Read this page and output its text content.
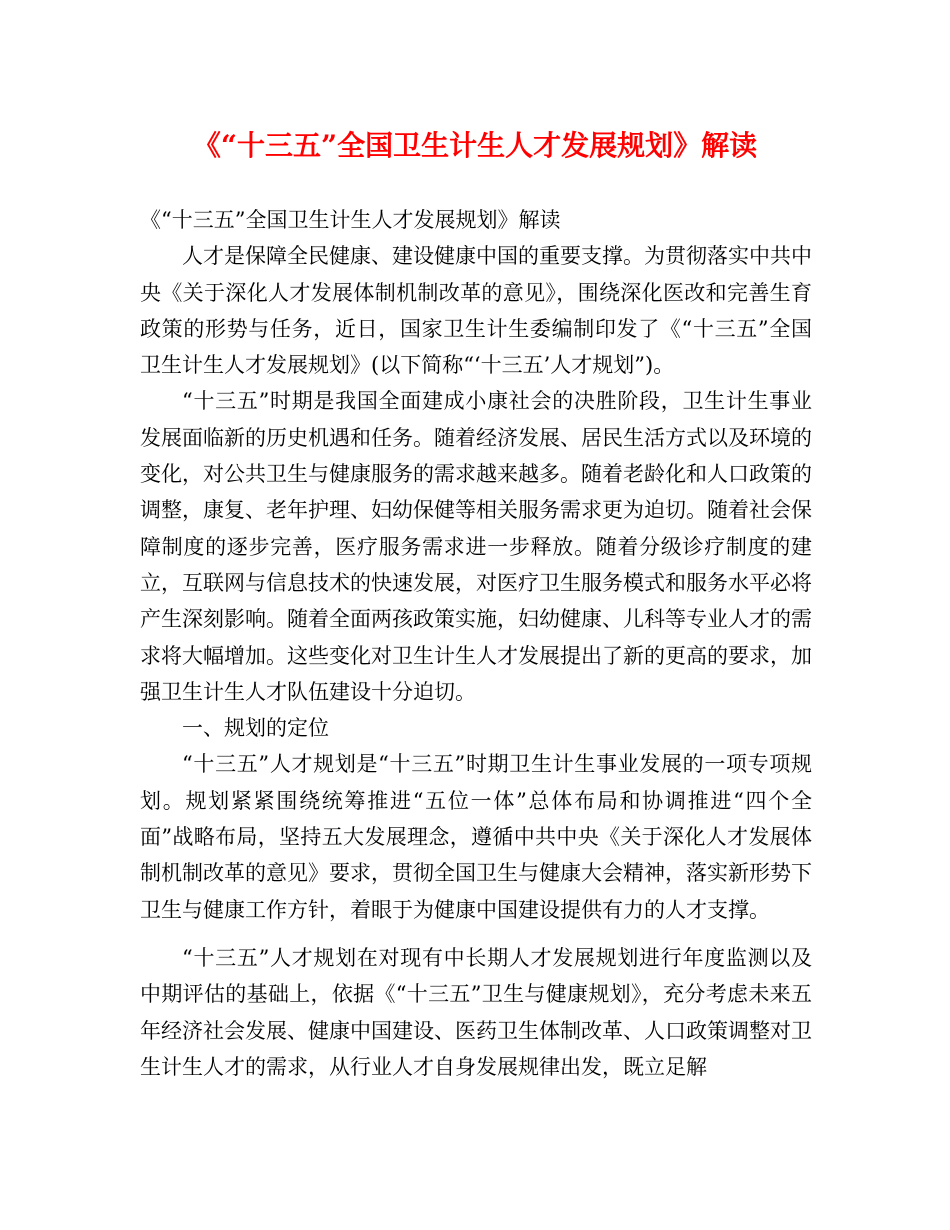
《“十三五”全国卫生计生人才发展规划》解读

《“十三五”全国卫生计生人才发展规划》解读

人才是保障全民健康、建设健康中国的重要支撑。为贯彻落实中共中央《关于深化人才发展体制机制改革的意见》，围绕深化医改和完善生育政策的形势与任务，近日，国家卫生计生委编制印发了《“十三五”全国卫生计生人才发展规划》(以下简称“‘十三五’人才规划”)。

“十三五”时期是我国全面建成小康社会的决胜阶段，卫生计生事业发展面临新的历史机遇和任务。随着经济发展、居民生活方式以及环境的变化，对公共卫生与健康服务的需求越来越多。随着老龄化和人口政策的调整，康复、老年护理、妇幼保健等相关服务需求更为迫切。随着社会保障制度的逐步完善，医疗服务需求进一步释放。随着分级诊疗制度的建立，互联网与信息技术的快速发展，对医疗卫生服务模式和服务水平必将产生深刻影响。随着全面两孩政策实施，妇幼健康、儿科等专业人才的需求将大幅增加。这些变化对卫生计生人才发展提出了新的更高的要求，加强卫生计生人才队伍建设十分迫切。

一、规划的定位

“十三五”人才规划是“十三五”时期卫生计生事业发展的一项专项规划。规划紧紧围绕统筹推进“五位一体”总体布局和协调推进“四个全面”战略布局，坚持五大发展理念，遵循中共中央《关于深化人才发展体制机制改革的意见》要求，贯彻全国卫生与健康大会精神，落实新形势下卫生与健康工作方针，着眼于为健康中国建设提供有力的人才支撑。

“十三五”人才规划在对现有中长期人才发展规划进行年度监测以及中期评估的基础上，依据《“十三五”卫生与健康规划》，充分考虑未来五年经济社会发展、健康中国建设、医药卫生体制改革、人口政策调整对卫生计生人才的需求，从行业人才自身发展规律出发，既立足解
